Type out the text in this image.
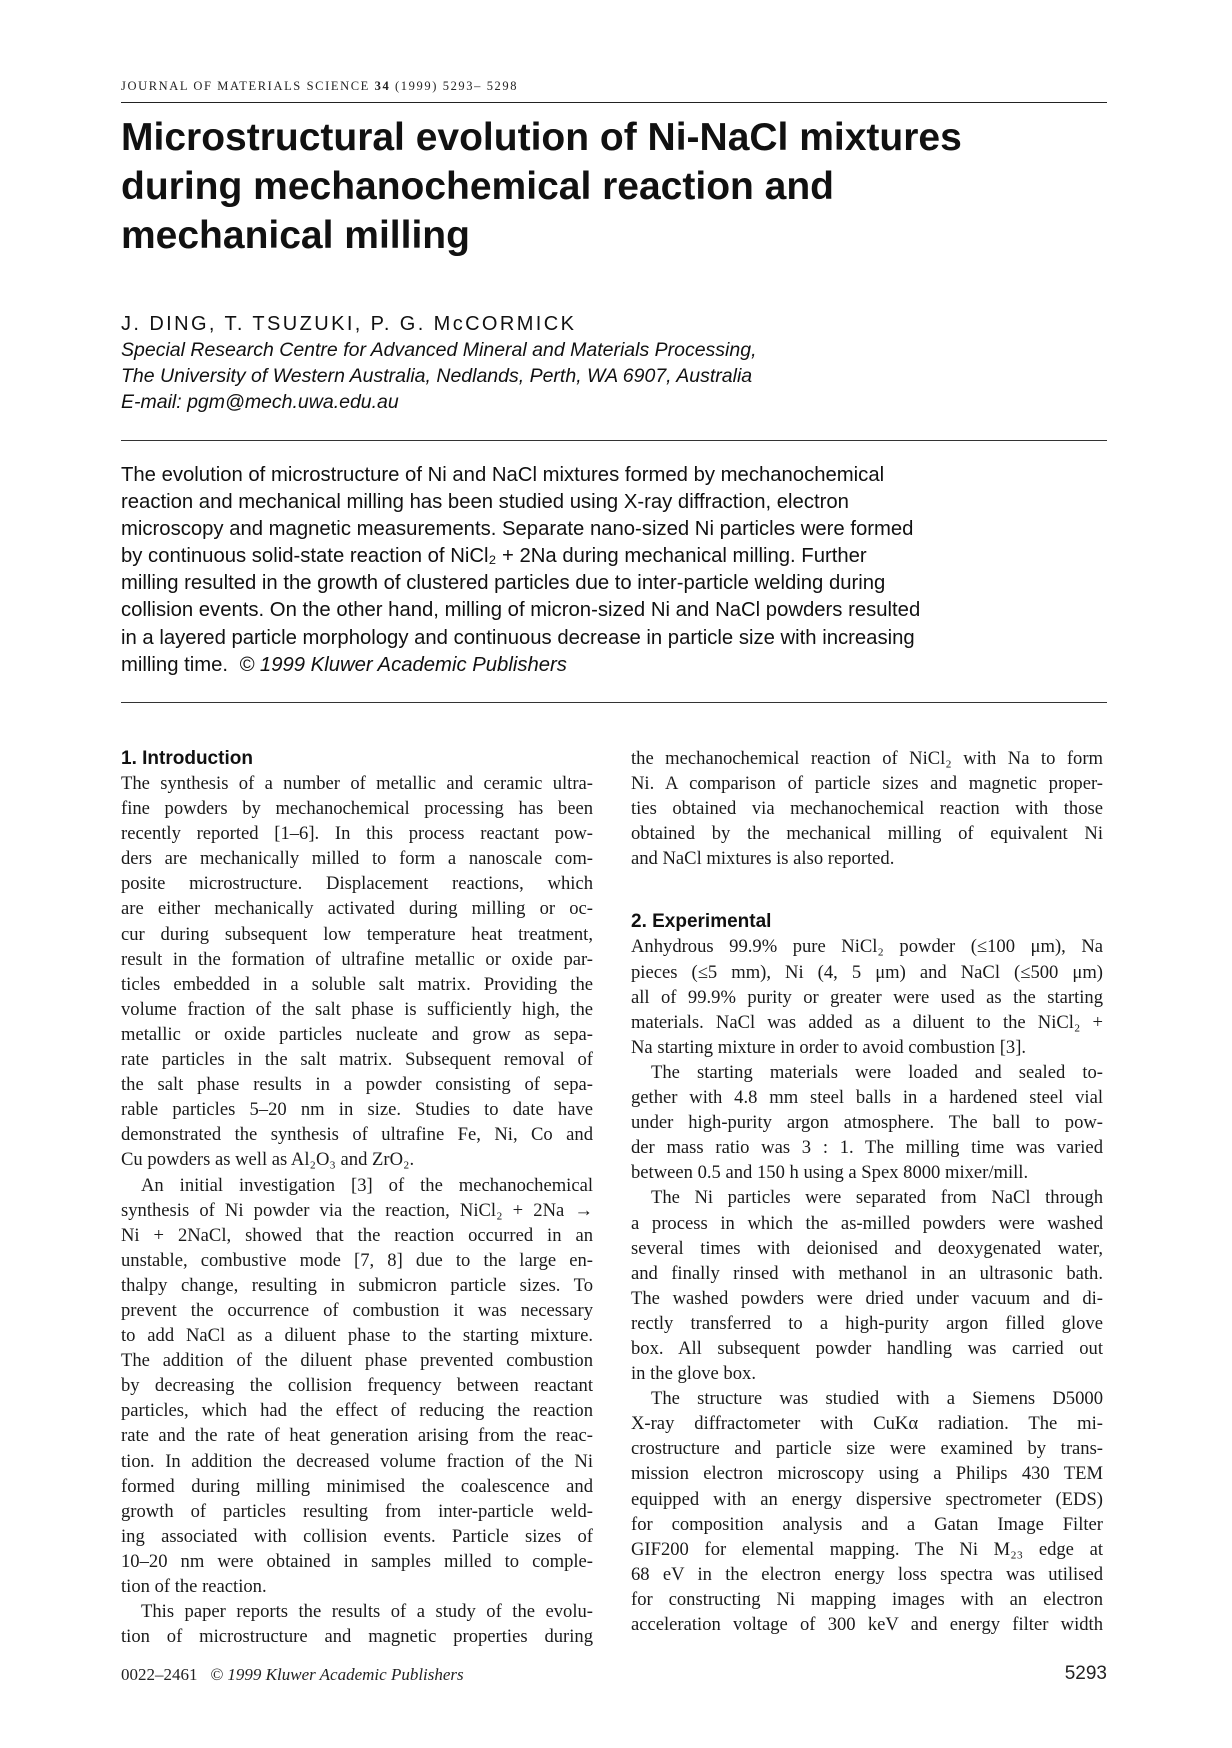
JOURNAL OF MATERIALS SCIENCE 34 (1999) 5293– 5298
Microstructural evolution of Ni-NaCl mixtures
during mechanochemical reaction and
mechanical milling
J. DING, T. TSUZUKI, P. G. McCORMICK
Special Research Centre for Advanced Mineral and Materials Processing,
The University of Western Australia, Nedlands, Perth, WA 6907, Australia
E-mail: pgm@mech.uwa.edu.au
The evolution of microstructure of Ni and NaCl mixtures formed by mechanochemical
reaction and mechanical milling has been studied using X-ray diffraction, electron
microscopy and magnetic measurements. Separate nano-sized Ni particles were formed
by continuous solid-state reaction of NiCl₂ + 2Na during mechanical milling. Further
milling resulted in the growth of clustered particles due to inter-particle welding during
collision events. On the other hand, milling of micron-sized Ni and NaCl powders resulted
in a layered particle morphology and continuous decrease in particle size with increasing
milling time. © 1999 Kluwer Academic Publishers
1. Introduction
The synthesis of a number of metallic and ceramic ultra-
fine powders by mechanochemical processing has been
recently reported [1–6]. In this process reactant pow-
ders are mechanically milled to form a nanoscale com-
posite microstructure. Displacement reactions, which
are either mechanically activated during milling or oc-
cur during subsequent low temperature heat treatment,
result in the formation of ultrafine metallic or oxide par-
ticles embedded in a soluble salt matrix. Providing the
volume fraction of the salt phase is sufficiently high, the
metallic or oxide particles nucleate and grow as sepa-
rate particles in the salt matrix. Subsequent removal of
the salt phase results in a powder consisting of sepa-
rable particles 5–20 nm in size. Studies to date have
demonstrated the synthesis of ultrafine Fe, Ni, Co and
Cu powders as well as Al₂O₃ and ZrO₂.
An initial investigation [3] of the mechanochemical
synthesis of Ni powder via the reaction, NiCl₂ + 2Na →
Ni + 2NaCl, showed that the reaction occurred in an
unstable, combustive mode [7, 8] due to the large en-
thalpy change, resulting in submicron particle sizes. To
prevent the occurrence of combustion it was necessary
to add NaCl as a diluent phase to the starting mixture.
The addition of the diluent phase prevented combustion
by decreasing the collision frequency between reactant
particles, which had the effect of reducing the reaction
rate and the rate of heat generation arising from the reac-
tion. In addition the decreased volume fraction of the Ni
formed during milling minimised the coalescence and
growth of particles resulting from inter-particle weld-
ing associated with collision events. Particle sizes of
10–20 nm were obtained in samples milled to comple-
tion of the reaction.
This paper reports the results of a study of the evolu-
tion of microstructure and magnetic properties during
the mechanochemical reaction of NiCl₂ with Na to form
Ni. A comparison of particle sizes and magnetic proper-
ties obtained via mechanochemical reaction with those
obtained by the mechanical milling of equivalent Ni
and NaCl mixtures is also reported.
2. Experimental
Anhydrous 99.9% pure NiCl₂ powder (≤100 μm), Na
pieces (≤5 mm), Ni (4, 5 μm) and NaCl (≤500 μm)
all of 99.9% purity or greater were used as the starting
materials. NaCl was added as a diluent to the NiCl₂ +
Na starting mixture in order to avoid combustion [3].
The starting materials were loaded and sealed to-
gether with 4.8 mm steel balls in a hardened steel vial
under high-purity argon atmosphere. The ball to pow-
der mass ratio was 3 : 1. The milling time was varied
between 0.5 and 150 h using a Spex 8000 mixer/mill.
The Ni particles were separated from NaCl through
a process in which the as-milled powders were washed
several times with deionised and deoxygenated water,
and finally rinsed with methanol in an ultrasonic bath.
The washed powders were dried under vacuum and di-
rectly transferred to a high-purity argon filled glove
box. All subsequent powder handling was carried out
in the glove box.
The structure was studied with a Siemens D5000
X-ray diffractometer with CuKα radiation. The mi-
crostructure and particle size were examined by trans-
mission electron microscopy using a Philips 430 TEM
equipped with an energy dispersive spectrometer (EDS)
for composition analysis and a Gatan Image Filter
GIF200 for elemental mapping. The Ni M₂₃ edge at
68 eV in the electron energy loss spectra was utilised
for constructing Ni mapping images with an electron
acceleration voltage of 300 keV and energy filter width
0022–2461 © 1999 Kluwer Academic Publishers	5293
